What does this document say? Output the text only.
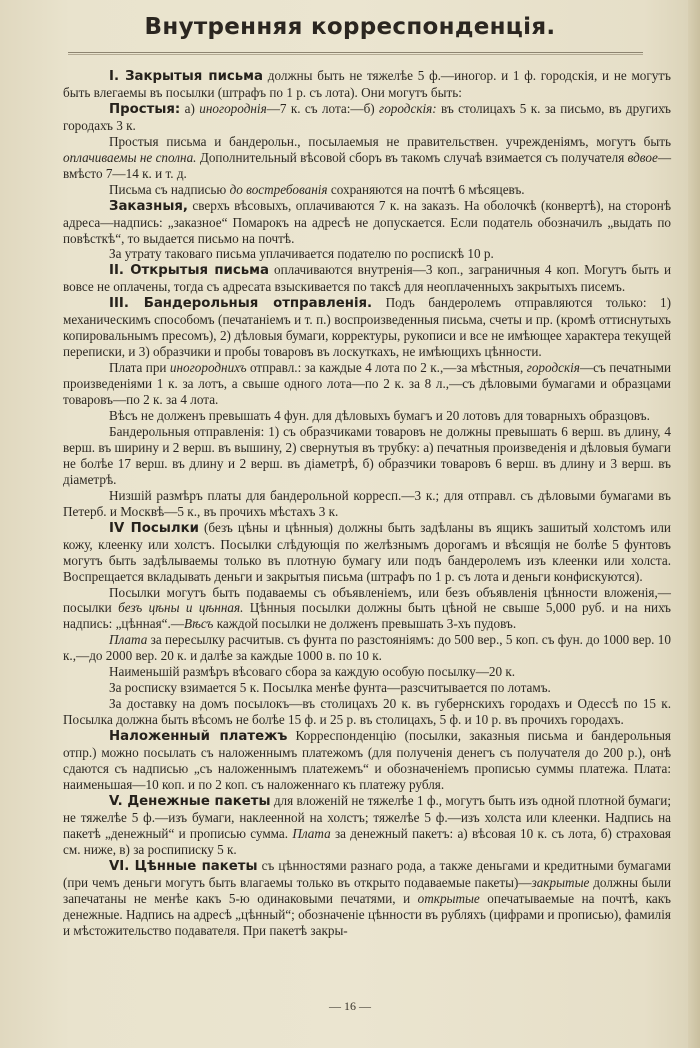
Внутренняя корреспонденція.

I. Закрытыя письма должны быть не тяжелѣе 5 ф.—иногор. и 1 ф. городскія, и не могутъ быть влегаемы въ посылки (штрафъ по 1 р. съ лота). Они могутъ быть:

Простыя: а) иногороднія—7 к. съ лота:—б) городскія: въ столицахъ 5 к. за письмо, въ другихъ городахъ 3 к.

Простыя письма и бандерольн., посылаемыя не правительствен. учрежденіямъ, могутъ быть оплачиваемы не сполна. Дополнительный вѣсовой сборъ въ такомъ случаѣ взимается съ получателя вдвое—вмѣсто 7—14 к. и т. д.

Письма съ надписью до востребованія сохраняются на почтѣ 6 мѣсяцевъ.

Заказныя, сверхъ вѣсовыхъ, оплачиваются 7 к. на заказъ. На оболочкѣ (конвертѣ), на сторонѣ адреса—надпись: „заказное“ Помарокъ на адресѣ не допускается. Если податель обозначилъ „выдать по повѣсткѣ“, то выдается письмо на почтѣ.

За утрату таковаго письма уплачивается подателю по роспискѣ 10 р.

II. Открытыя письма оплачиваются внутренія—3 коп., заграничныя 4 коп. Могутъ быть и вовсе не оплачены, тогда съ адресата взыскивается по таксѣ для неоплаченныхъ закрытыхъ писемъ.

III. Бандерольныя отправленія. Подъ бандеролемъ отправляются только: 1) механическимъ способомъ (печатаніемъ и т. п.) воспроизведенныя письма, счеты и пр. (кромѣ оттиснутыхъ копировальнымъ пресомъ), 2) дѣловыя бумаги, корректуры, рукописи и все не имѣющее характера текущей переписки, и 3) образчики и пробы товаровъ въ лоскуткахъ, не имѣющихъ цѣнности.

Плата при иногороднихъ отправл.: за каждые 4 лота по 2 к.,—за мѣстныя, городскія—съ печатными произведеніями 1 к. за лотъ, а свыше одного лота—по 2 к. за 8 л.,—съ дѣловыми бумагами и образцами товаровъ—по 2 к. за 4 лота.

Вѣсъ не долженъ превышать 4 фун. для дѣловыхъ бумагъ и 20 лотовъ для товарныхъ образцовъ.

Бандерольныя отправленія: 1) съ образчиками товаровъ не должны превышать 6 верш. въ длину, 4 верш. въ ширину и 2 верш. въ вышину, 2) свернутыя въ трубку: а) печатныя произведенія и дѣловыя бумаги не болѣе 17 верш. въ длину и 2 верш. въ діаметрѣ, б) образчики товаровъ 6 верш. въ длину и 3 верш. въ діаметрѣ.

Низшій размѣръ платы для бандерольной корресп.—3 к.; для отправл. съ дѣловыми бумагами въ Петерб. и Москвѣ—5 к., въ прочихъ мѣстахъ 3 к.

IV Посылки (безъ цѣны и цѣнныя) должны быть задѣланы въ ящикъ зашитый холстомъ или кожу, клеенку или холстъ. Посылки слѣдующія по желѣзнымъ дорогамъ и вѣсящія не болѣе 5 фунтовъ могутъ быть задѣлываемы только въ плотную бумагу или подъ бандеролемъ изъ клеенки или холста. Воспрещается вкладывать деньги и закрытыя письма (штрафъ по 1 р. съ лота и деньги конфискуются).

Посылки могутъ быть подаваемы съ объявленіемъ, или безъ объявленія цѣнности вложенія,—посылки безъ цѣны и цѣнная. Цѣнныя посылки должны быть цѣной не свыше 5,000 руб. и на нихъ надпись: „цѣнная“.—Вѣсъ каждой посылки не долженъ превышать 3-хъ пудовъ.

Плата за пересылку расчитыв. съ фунта по разстояніямъ: до 500 вер., 5 коп. съ фун. до 1000 вер. 10 к.,—до 2000 вер. 20 к. и далѣе за каждые 1000 в. по 10 к.

Наименьшій размѣръ вѣсоваго сбора за каждую особую посылку—20 к.

За росписку взимается 5 к. Посылка менѣе фунта—разсчитывается по лотамъ.

За доставку на домъ посылокъ—въ столицахъ 20 к. въ губернскихъ городахъ и Одессѣ по 15 к. Посылка должна быть вѣсомъ не болѣе 15 ф. и 25 р. въ столицахъ, 5 ф. и 10 р. въ прочихъ городахъ.

Наложенный платежъ Корреспонденцію (посылки, заказныя письма и бандерольныя отпр.) можно посылать съ наложеннымъ платежомъ (для полученія денегъ съ получателя до 200 р.), онѣ сдаются съ надписью „съ наложеннымъ платежемъ“ и обозначеніемъ прописью суммы платежа. Плата: наименьшая—10 коп. и по 2 коп. съ наложеннаго къ платежу рубля.

V. Денежные пакеты для вложеній не тяжелѣе 1 ф., могутъ быть изъ одной плотной бумаги; не тяжелѣе 5 ф.—изъ бумаги, наклеенной на холстъ; тяжелѣе 5 ф.—изъ холста или клеенки. Надпись на пакетѣ „денежный“ и прописью сумма. Плата за денежный пакетъ: а) вѣсовая 10 к. съ лота, б) страховая см. ниже, в) за роспиписку 5 к.

VI. Цѣнные пакеты съ цѣнностями разнаго рода, а также деньгами и кредитными бумагами (при чемъ деньги могутъ быть влагаемы только въ открыто подаваемые пакеты)—закрытые должны были запечатаны не менѣе какъ 5-ю одинаковыми печатями, и открытые опечатываемые на почтѣ, какъ денежные. Надпись на адресѣ „цѣнный“; обозначеніе цѣнности въ рубляхъ (цифрами и прописью), фамилія и мѣстожительство подавателя. При пакетѣ закры-

— 16 —
